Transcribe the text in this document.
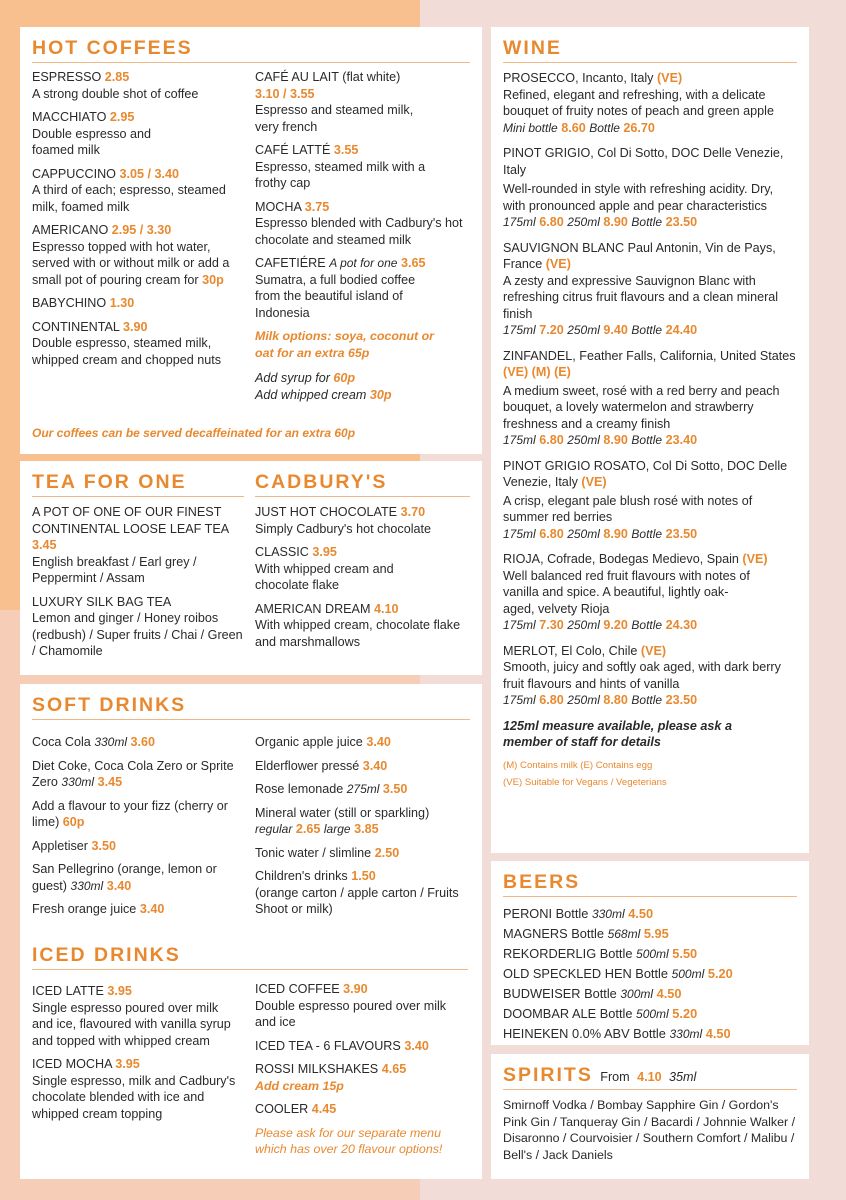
HOT COFFEES
ESPRESSO 2.85
A strong double shot of coffee
MACCHIATO 2.95
Double espresso and foamed milk
CAPPUCCINO 3.05 / 3.40
A third of each; espresso, steamed milk, foamed milk
AMERICANO 2.95 / 3.30
Espresso topped with hot water, served with or without milk or add a small pot of pouring cream for 30p
BABYCHINO 1.30
CONTINENTAL 3.90
Double espresso, steamed milk, whipped cream and chopped nuts
CAFÉ AU LAIT (flat white)
3.10 / 3.55
Espresso and steamed milk, very french
CAFÉ LATTÉ 3.55
Espresso, steamed milk with a frothy cap
MOCHA 3.75
Espresso blended with Cadbury's hot chocolate and steamed milk
CAFETIÉRE A pot for one 3.65
Sumatra, a full bodied coffee from the beautiful island of Indonesia
Milk options: soya, coconut or oat for an extra 65p
Add syrup for 60p
Add whipped cream 30p
Our coffees can be served decaffeinated for an extra 60p
TEA FOR ONE
A POT OF ONE OF OUR FINEST CONTINENTAL LOOSE LEAF TEA 3.45
English breakfast / Earl grey / Peppermint / Assam
LUXURY SILK BAG TEA
Lemon and ginger / Honey roibos (redbush) / Super fruits / Chai / Green / Chamomile
CADBURY'S
JUST HOT CHOCOLATE 3.70
Simply Cadbury's hot chocolate
CLASSIC 3.95
With whipped cream and chocolate flake
AMERICAN DREAM 4.10
With whipped cream, chocolate flake and marshmallows
SOFT DRINKS
Coca Cola 330ml 3.60
Diet Coke, Coca Cola Zero or Sprite Zero 330ml 3.45
Add a flavour to your fizz (cherry or lime) 60p
Appletiser 3.50
San Pellegrino (orange, lemon or guest) 330ml 3.40
Fresh orange juice 3.40
Organic apple juice 3.40
Elderflower pressé 3.40
Rose lemonade 275ml 3.50
Mineral water (still or sparkling)
regular 2.65 large 3.85
Tonic water / slimline 2.50
Children's drinks 1.50
(orange carton / apple carton / Fruits Shoot or milk)
ICED DRINKS
ICED LATTE 3.95
Single espresso poured over milk and ice, flavoured with vanilla syrup and topped with whipped cream
ICED MOCHA 3.95
Single espresso, milk and Cadbury's chocolate blended with ice and whipped cream topping
ICED COFFEE 3.90
Double espresso poured over milk and ice
ICED TEA - 6 FLAVOURS 3.40
ROSSI MILKSHAKES 4.65
Add cream 15p
COOLER 4.45
Please ask for our separate menu which has over 20 flavour options!
WINE
PROSECCO, Incanto, Italy (VE)
Refined, elegant and refreshing, with a delicate bouquet of fruity notes of peach and green apple Mini bottle 8.60 Bottle 26.70
PINOT GRIGIO, Col Di Sotto, DOC Delle Venezie, Italy
Well-rounded in style with refreshing acidity. Dry, with pronounced apple and pear characteristics
175ml 6.80 250ml 8.90 Bottle 23.50
SAUVIGNON BLANC Paul Antonin, Vin de Pays, France (VE)
A zesty and expressive Sauvignon Blanc with refreshing citrus fruit flavours and a clean mineral finish
175ml 7.20 250ml 9.40 Bottle 24.40
ZINFANDEL, Feather Falls, California, United States (VE) (M) (E)
A medium sweet, rosé with a red berry and peach bouquet, a lovely watermelon and strawberry freshness and a creamy finish
175ml 6.80 250ml 8.90 Bottle 23.40
PINOT GRIGIO ROSATO, Col Di Sotto, DOC Delle Venezie, Italy (VE)
A crisp, elegant pale blush rosé with notes of summer red berries
175ml 6.80 250ml 8.90 Bottle 23.50
RIOJA, Cofrade, Bodegas Medievo, Spain (VE)
Well balanced red fruit flavours with notes of vanilla and spice. A beautiful, lightly oak-aged, velvety Rioja
175ml 7.30 250ml 9.20 Bottle 24.30
MERLOT, El Colo, Chile (VE)
Smooth, juicy and softly oak aged, with dark berry fruit flavours and hints of vanilla
175ml 6.80 250ml 8.80 Bottle 23.50
125ml measure available, please ask a member of staff for details
(M) Contains milk (E) Contains egg
(VE) Suitable for Vegans / Vegeterians
BEERS
PERONI Bottle 330ml 4.50
MAGNERS Bottle 568ml 5.95
REKORDERLIG Bottle 500ml 5.50
OLD SPECKLED HEN Bottle 500ml 5.20
BUDWEISER Bottle 300ml 4.50
DOOMBAR ALE Bottle 500ml 5.20
HEINEKEN 0.0% ABV Bottle 330ml 4.50
SPIRITS From 4.10 35ml
Smirnoff Vodka / Bombay Sapphire Gin / Gordon's Pink Gin / Tanqueray Gin / Bacardi / Johnnie Walker / Disaronno / Courvoisier / Southern Comfort / Malibu / Bell's / Jack Daniels
